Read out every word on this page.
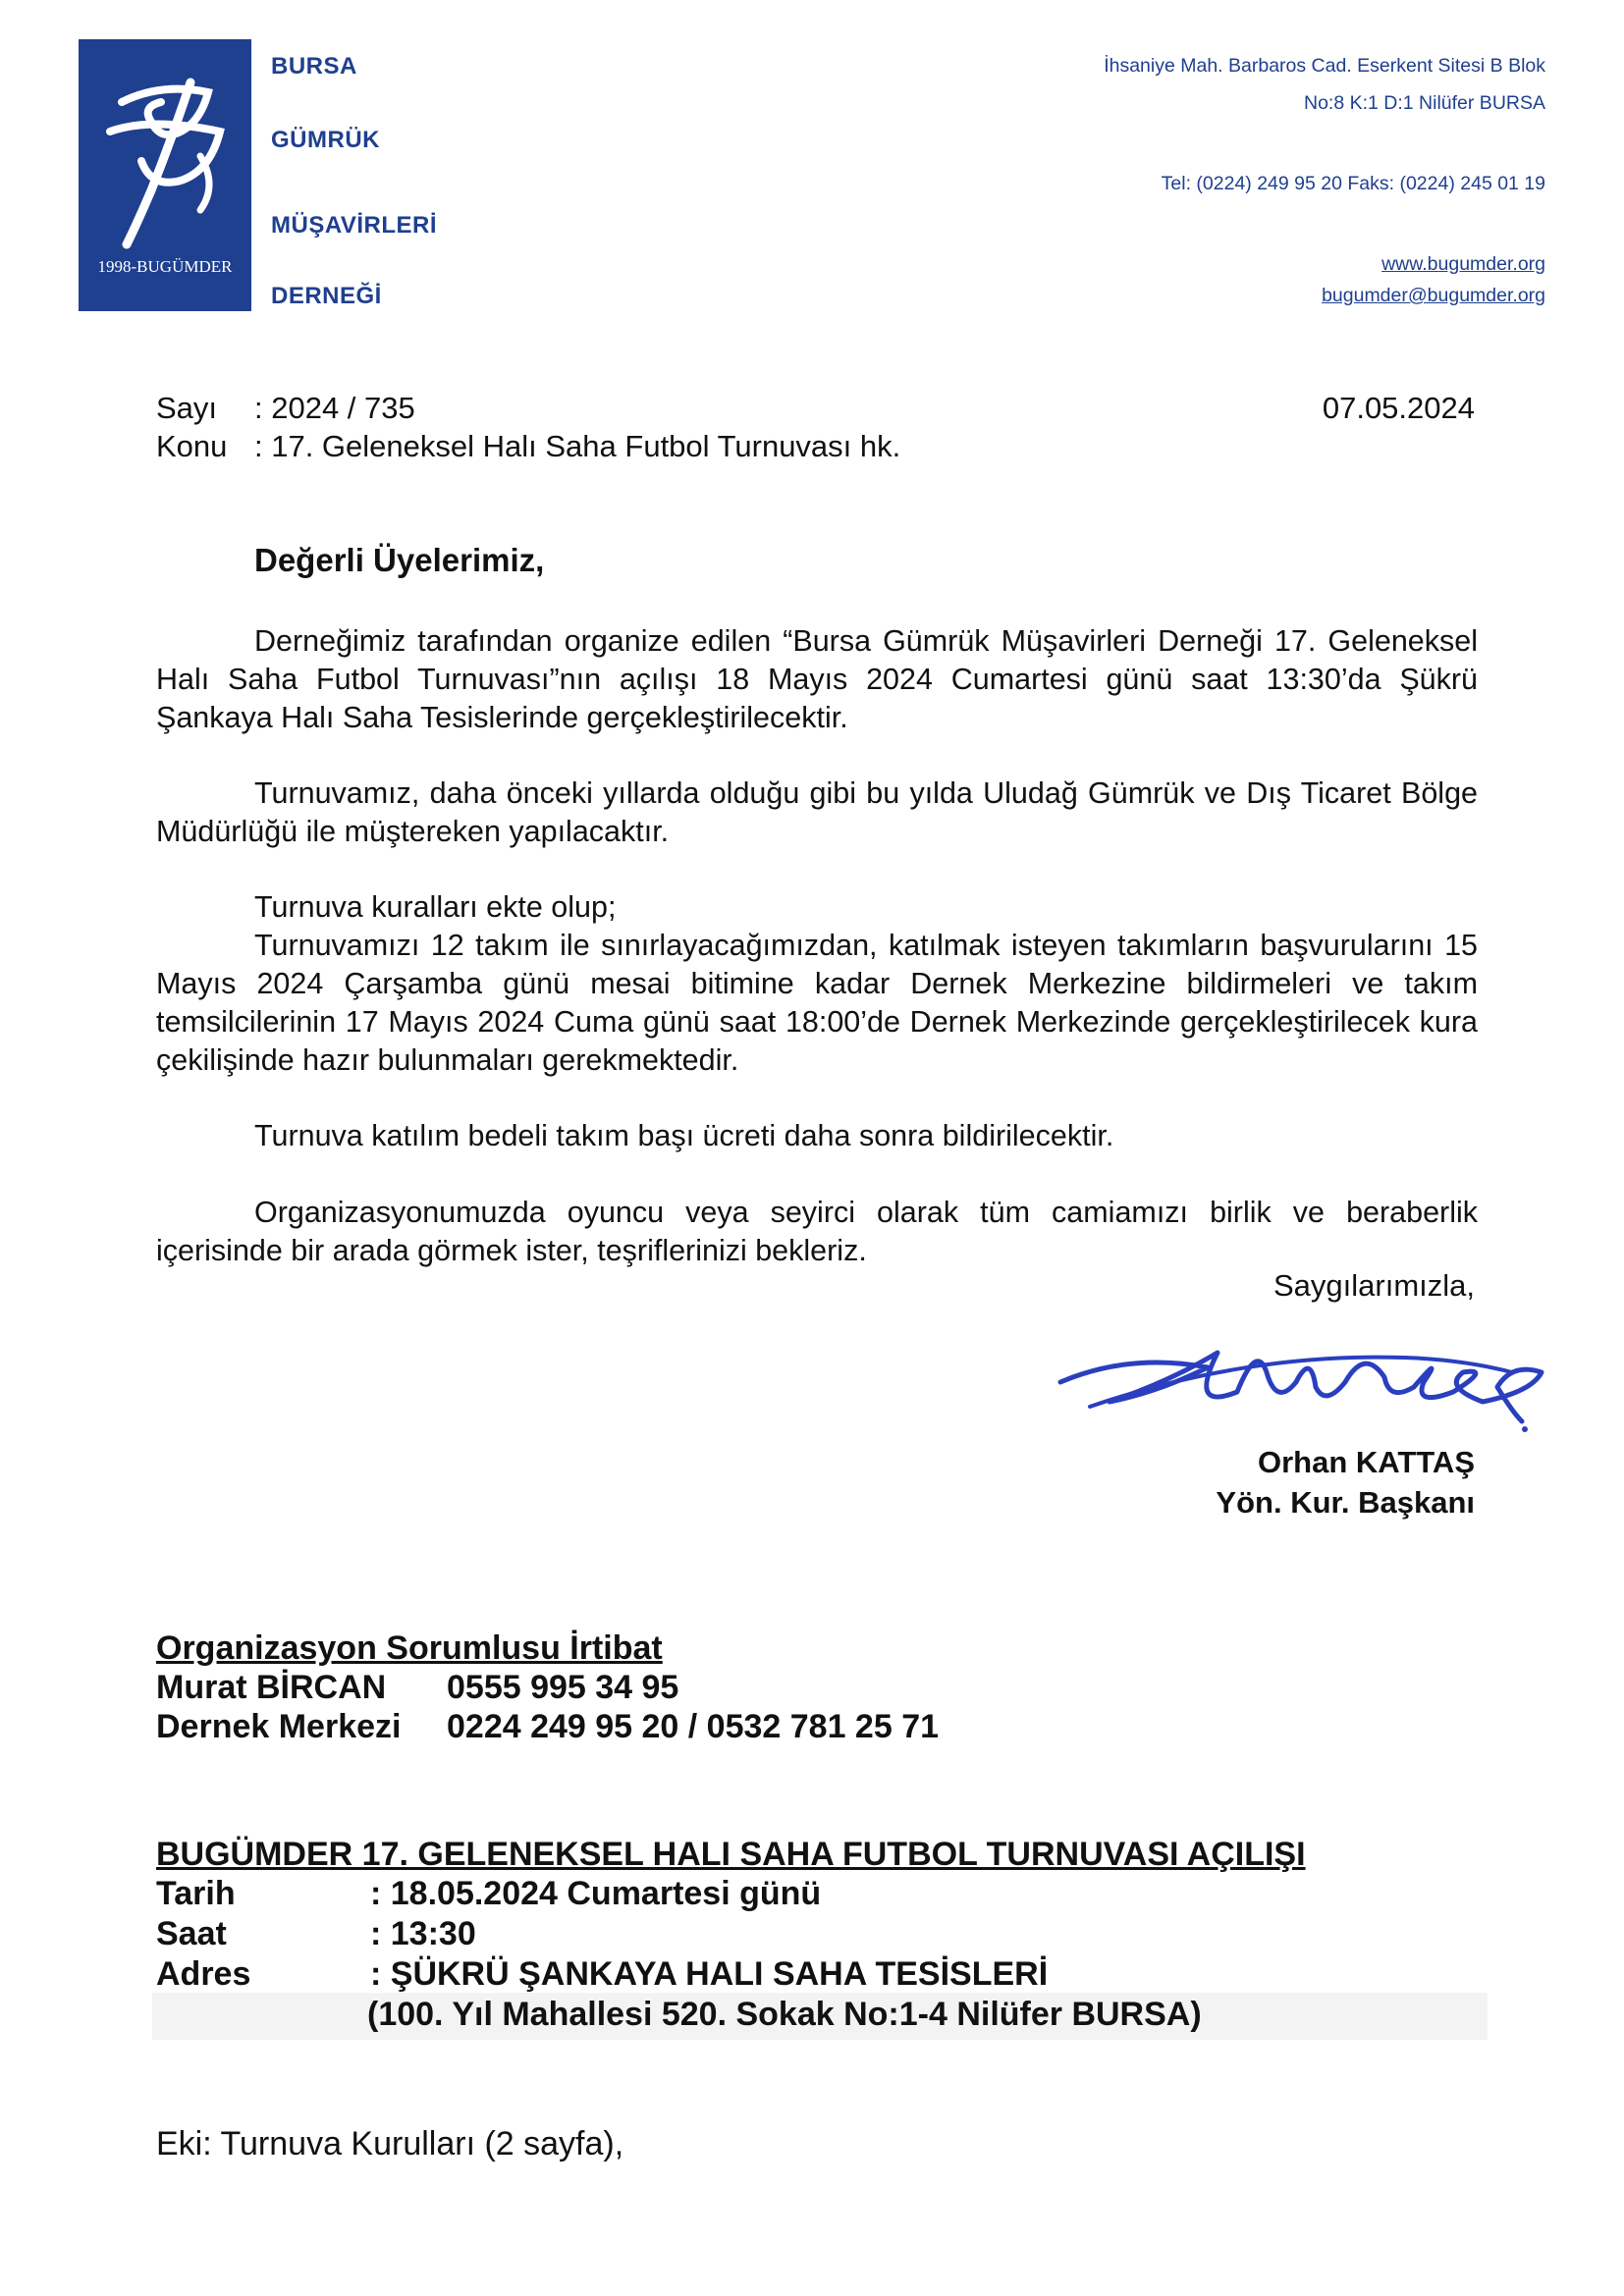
1998-BUGÜMDER
BURSA
GÜMRÜK
MÜŞAVİRLERİ
DERNEĞİ
İhsaniye Mah. Barbaros Cad. Eserkent Sitesi B Blok
No:8 K:1 D:1 Nilüfer BURSA
Tel: (0224) 249 95 20 Faks: (0224) 245 01 19
www.bugumder.org
bugumder@bugumder.org
Sayı : 2024 / 735
Konu : 17. Geleneksel Halı Saha Futbol Turnuvası hk.
07.05.2024
Değerli Üyelerimiz,
Derneğimiz tarafından organize edilen “Bursa Gümrük Müşavirleri Derneği 17. Geleneksel Halı Saha Futbol Turnuvası”nın açılışı 18 Mayıs 2024 Cumartesi günü saat 13:30’da Şükrü Şankaya Halı Saha Tesislerinde gerçekleştirilecektir.
Turnuvamız, daha önceki yıllarda olduğu gibi bu yılda Uludağ Gümrük ve Dış Ticaret Bölge Müdürlüğü ile müştereken yapılacaktır.
Turnuva kuralları ekte olup;
Turnuvamızı 12 takım ile sınırlayacağımızdan, katılmak isteyen takımların başvurularını 15 Mayıs 2024 Çarşamba günü mesai bitimine kadar Dernek Merkezine bildirmeleri ve takım temsilcilerinin 17 Mayıs 2024 Cuma günü saat 18:00’de Dernek Merkezinde gerçekleştirilecek kura çekilişinde hazır bulunmaları gerekmektedir.
Turnuva katılım bedeli takım başı ücreti daha sonra bildirilecektir.
Organizasyonumuzda oyuncu veya seyirci olarak tüm camiamızı birlik ve beraberlik içerisinde bir arada görmek ister, teşriflerinizi bekleriz.
Saygılarımızla,
Orhan KATTAŞ
Yön. Kur. Başkanı
Organizasyon Sorumlusu İrtibat
Murat BİRCAN 0555 995 34 95
Dernek Merkezi 0224 249 95 20 / 0532 781 25 71
BUGÜMDER 17. GELENEKSEL HALI SAHA FUTBOL TURNUVASI AÇILIŞI
Tarih	: 18.05.2024 Cumartesi günü
Saat	: 13:30
Adres	: ŞÜKRÜ ŞANKAYA HALI SAHA TESİSLERİ
(100. Yıl Mahallesi 520. Sokak No:1-4 Nilüfer BURSA)
Eki: Turnuva Kurulları (2 sayfa),
